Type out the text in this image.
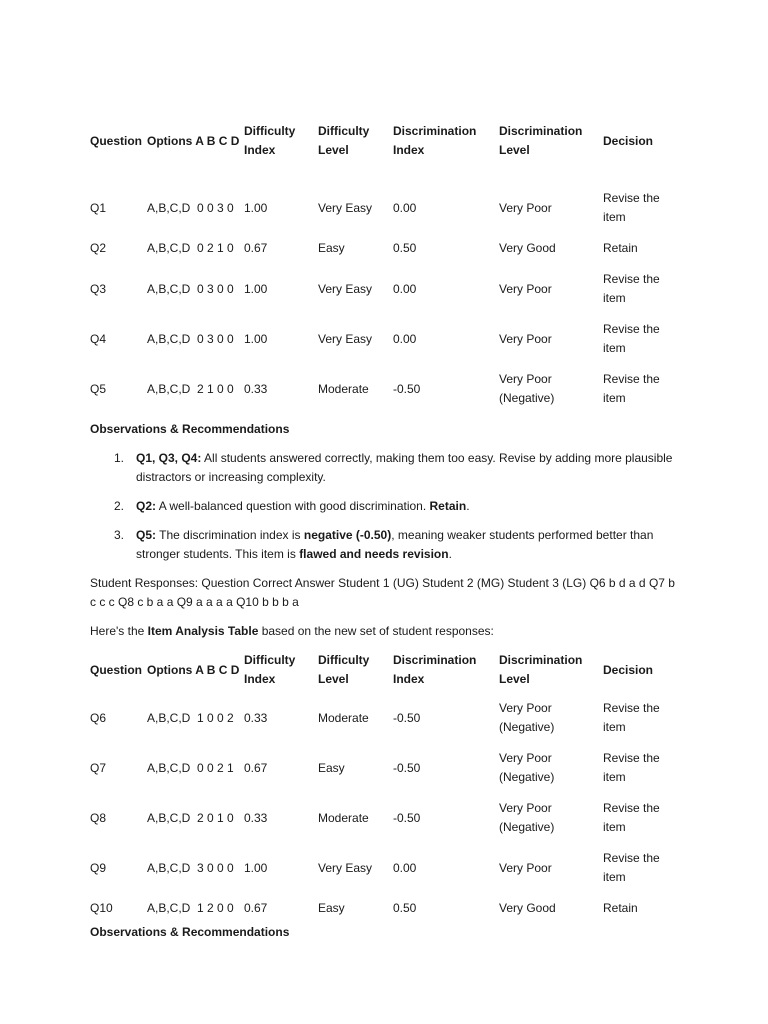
Question	Options A B C D	Difficulty Index	Difficulty Level	Discrimination Index	Discrimination Level	Decision

Q1	A,B,C,D  0 0 3 0	1.00	Very Easy	0.00	Very Poor	Revise the item
Q2	A,B,C,D  0 2 1 0	0.67	Easy	0.50	Very Good	Retain
Q3	A,B,C,D  0 3 0 0	1.00	Very Easy	0.00	Very Poor	Revise the item
Q4	A,B,C,D  0 3 0 0	1.00	Very Easy	0.00	Very Poor	Revise the item
Q5	A,B,C,D  2 1 0 0	0.33	Moderate	-0.50	Very Poor (Negative)	Revise the item

Observations & Recommendations

1. Q1, Q3, Q4: All students answered correctly, making them too easy. Revise by adding more plausible distractors or increasing complexity.
2. Q2: A well-balanced question with good discrimination. Retain.
3. Q5: The discrimination index is negative (-0.50), meaning weaker students performed better than stronger students. This item is flawed and needs revision.

Student Responses: Question Correct Answer Student 1 (UG) Student 2 (MG) Student 3 (LG) Q6 b d a d Q7 b c c c Q8 c b a a Q9 a a a a Q10 b b b a

Here's the Item Analysis Table based on the new set of student responses:

Question	Options A B C D	Difficulty Index	Difficulty Level	Discrimination Index	Discrimination Level	Decision
Q6	A,B,C,D  1 0 0 2	0.33	Moderate	-0.50	Very Poor (Negative)	Revise the item
Q7	A,B,C,D  0 0 2 1	0.67	Easy	-0.50	Very Poor (Negative)	Revise the item
Q8	A,B,C,D  2 0 1 0	0.33	Moderate	-0.50	Very Poor (Negative)	Revise the item
Q9	A,B,C,D  3 0 0 0	1.00	Very Easy	0.00	Very Poor	Revise the item
Q10	A,B,C,D  1 2 0 0	0.67	Easy	0.50	Very Good	Retain

Observations & Recommendations
